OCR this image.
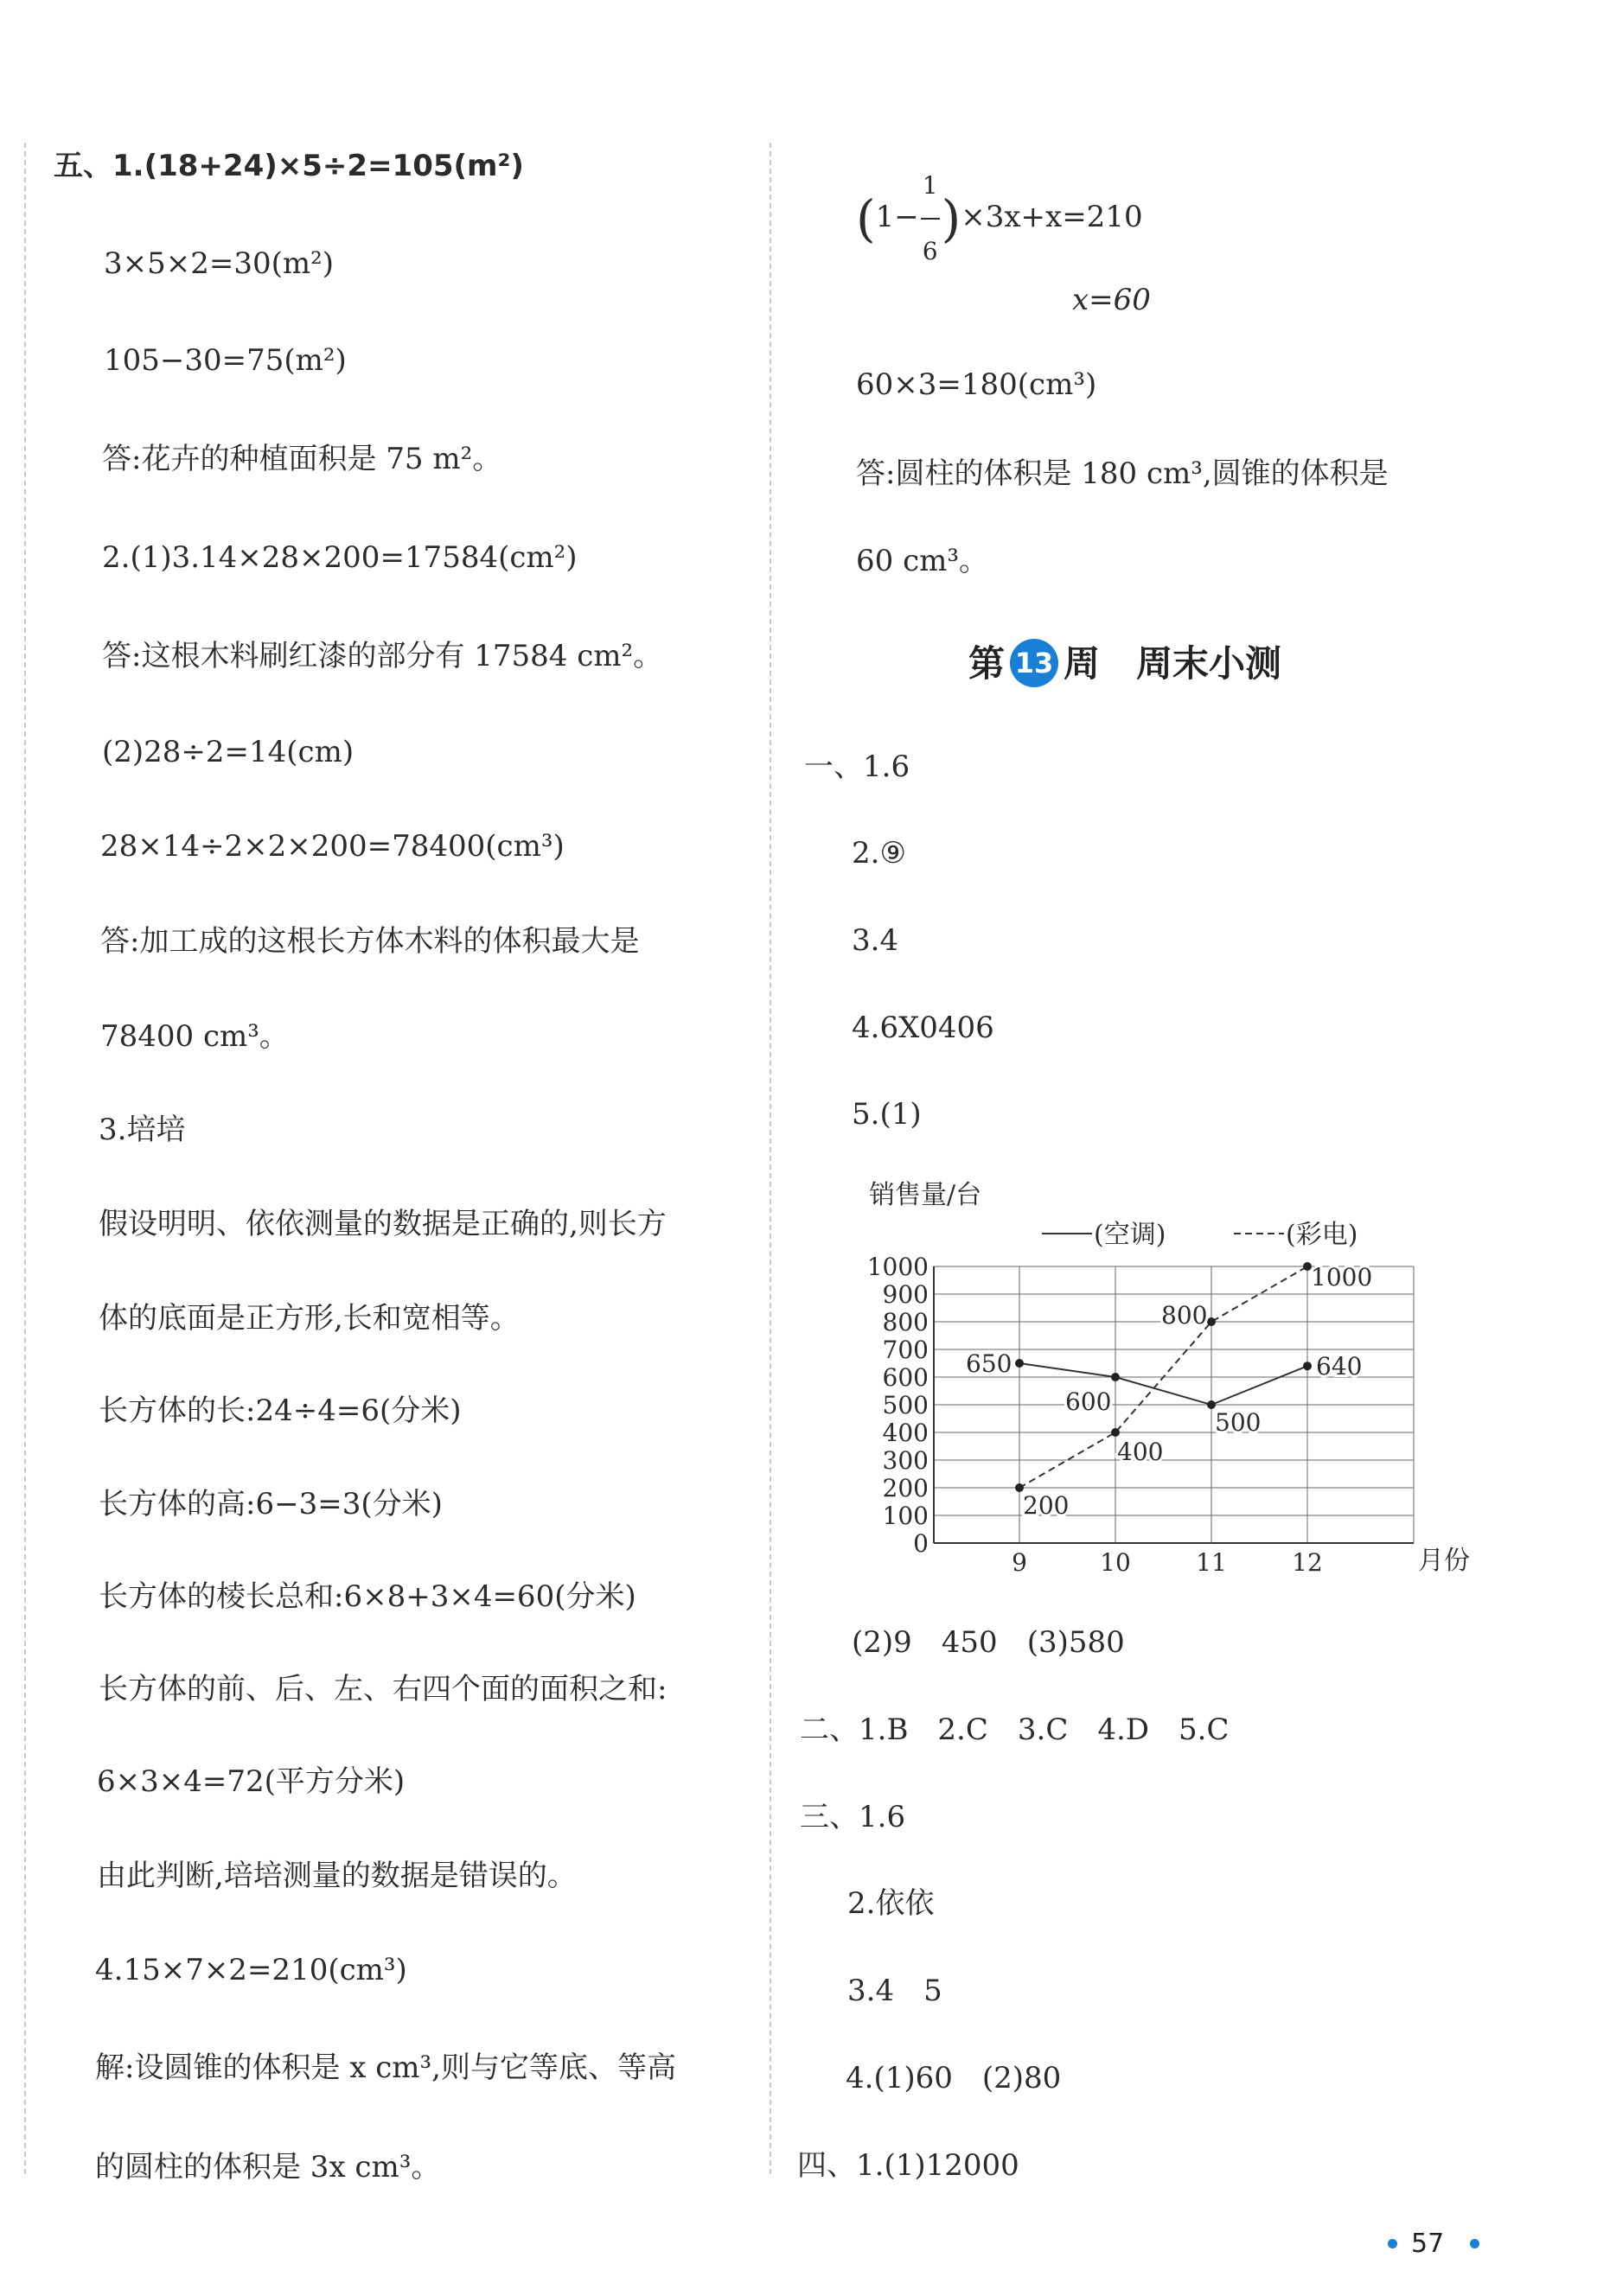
五、1.(18+24)×5÷2=105(m²)
3×5×2=30(m²)
105−30=75(m²)
答:花卉的种植面积是 75 m²。
2.(1)3.14×28×200=17584(cm²)
答:这根木料刷红漆的部分有 17584 cm²。
(2)28÷2=14(cm)
28×14÷2×2×200=78400(cm³)
答:加工成的这根长方体木料的体积最大是
78400 cm³。
3.培培
假设明明、依依测量的数据是正确的,则长方
体的底面是正方形,长和宽相等。
长方体的长:24÷4=6(分米)
长方体的高:6−3=3(分米)
长方体的棱长总和:6×8+3×4=60(分米)
长方体的前、后、左、右四个面的面积之和:
6×3×4=72(平方分米)
由此判断,培培测量的数据是错误的。
4.15×7×2=210(cm³)
解:设圆锥的体积是 x cm³,则与它等底、等高
的圆柱的体积是 3x cm³。
$(1- \frac{1}{6} )\times 3x+x=210$
x=60
60×3=180(cm³)
答:圆柱的体积是 180 cm³,圆锥的体积是
60 cm³。
第 13 周　周末小测
一、1.6
2.⑨
3.4
4.6X0406
5.(1)
销售量/台
(空调)	(彩电)
0
100
200
300
400
500
600
700
800
900
1000
9	10	11	12
650
600
500
640
200
400
800
1000
月份
(2)9　450　(3)580
二、1.B　2.C　3.C　4.D　5.C
三、1.6
2.依依
3.4　5
4.(1)60　(2)80
四、1.(1)12000
57
